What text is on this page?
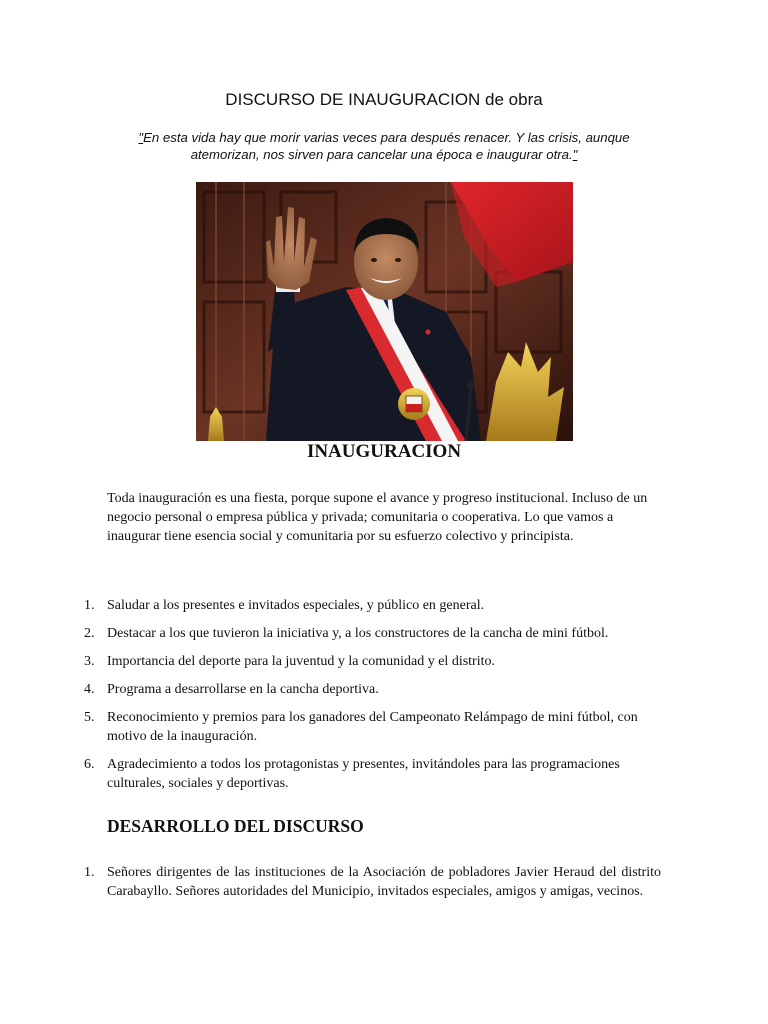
DISCURSO DE INAUGURACION de obra
"En esta vida hay que morir varias veces para después renacer. Y las crisis, aunque
atemorizan, nos sirven para cancelar una época e inaugurar otra."
INAUGURACION

Toda inauguración es una fiesta, porque supone el avance y progreso institucional. Incluso de un negocio personal o empresa pública y privada; comunitaria o cooperativa. Lo que vamos a inaugurar tiene esencia social y comunitaria por su esfuerzo colectivo y principista.

1. Saludar a los presentes e invitados especiales, y público en general.
2. Destacar a los que tuvieron la iniciativa y, a los constructores de la cancha de mini fútbol.
3. Importancia del deporte para la juventud y la comunidad y el distrito.
4. Programa a desarrollarse en la cancha deportiva.
5. Reconocimiento y premios para los ganadores del Campeonato Relámpago de mini fútbol, con motivo de la inauguración.
6. Agradecimiento a todos los protagonistas y presentes, invitándoles para las programaciones culturales, sociales y deportivas.
DESARROLLO DEL DISCURSO
1. Señores dirigentes de las instituciones de la Asociación de pobladores Javier Heraud del distrito Carabayllo. Señores autoridades del Municipio, invitados especiales, amigos y amigas, vecinos.
